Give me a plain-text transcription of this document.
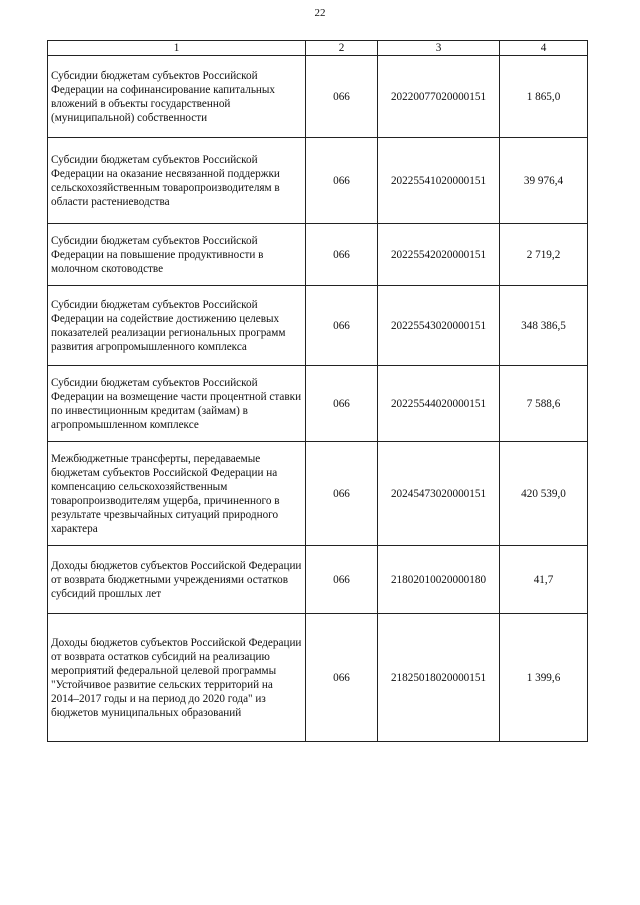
22
1	2	3	4
Субсидии бюджетам субъектов Российской Федерации на софинансирование капитальных вложений в объекты государственной (муниципальной) собственности	066	20220077020000151	1 865,0
Субсидии бюджетам субъектов Российской Федерации на оказание несвязанной поддержки сельскохозяйственным товаропроизводителям в области растениеводства	066	20225541020000151	39 976,4
Субсидии бюджетам субъектов Российской Федерации на повышение продуктивности в молочном скотоводстве	066	20225542020000151	2 719,2
Субсидии бюджетам субъектов Российской Федерации на содействие достижению целевых показателей реализации региональных программ развития агропромышленного комплекса	066	20225543020000151	348 386,5
Субсидии бюджетам субъектов Российской Федерации на возмещение части процентной ставки по инвестиционным кредитам (займам) в агропромышленном комплексе	066	20225544020000151	7 588,6
Межбюджетные трансферты, передаваемые бюджетам субъектов Российской Федерации на компенсацию сельскохозяйственным товаропроизводителям ущерба, причиненного в результате чрезвычайных ситуаций природного характера	066	20245473020000151	420 539,0
Доходы бюджетов субъектов Российской Федерации от возврата бюджетными учреждениями остатков субсидий прошлых лет	066	21802010020000180	41,7
Доходы бюджетов субъектов Российской Федерации от возврата остатков субсидий на реализацию мероприятий федеральной целевой программы "Устойчивое развитие сельских территорий на 2014–2017 годы и на период до 2020 года" из бюджетов муниципальных образований	066	21825018020000151	1 399,6
